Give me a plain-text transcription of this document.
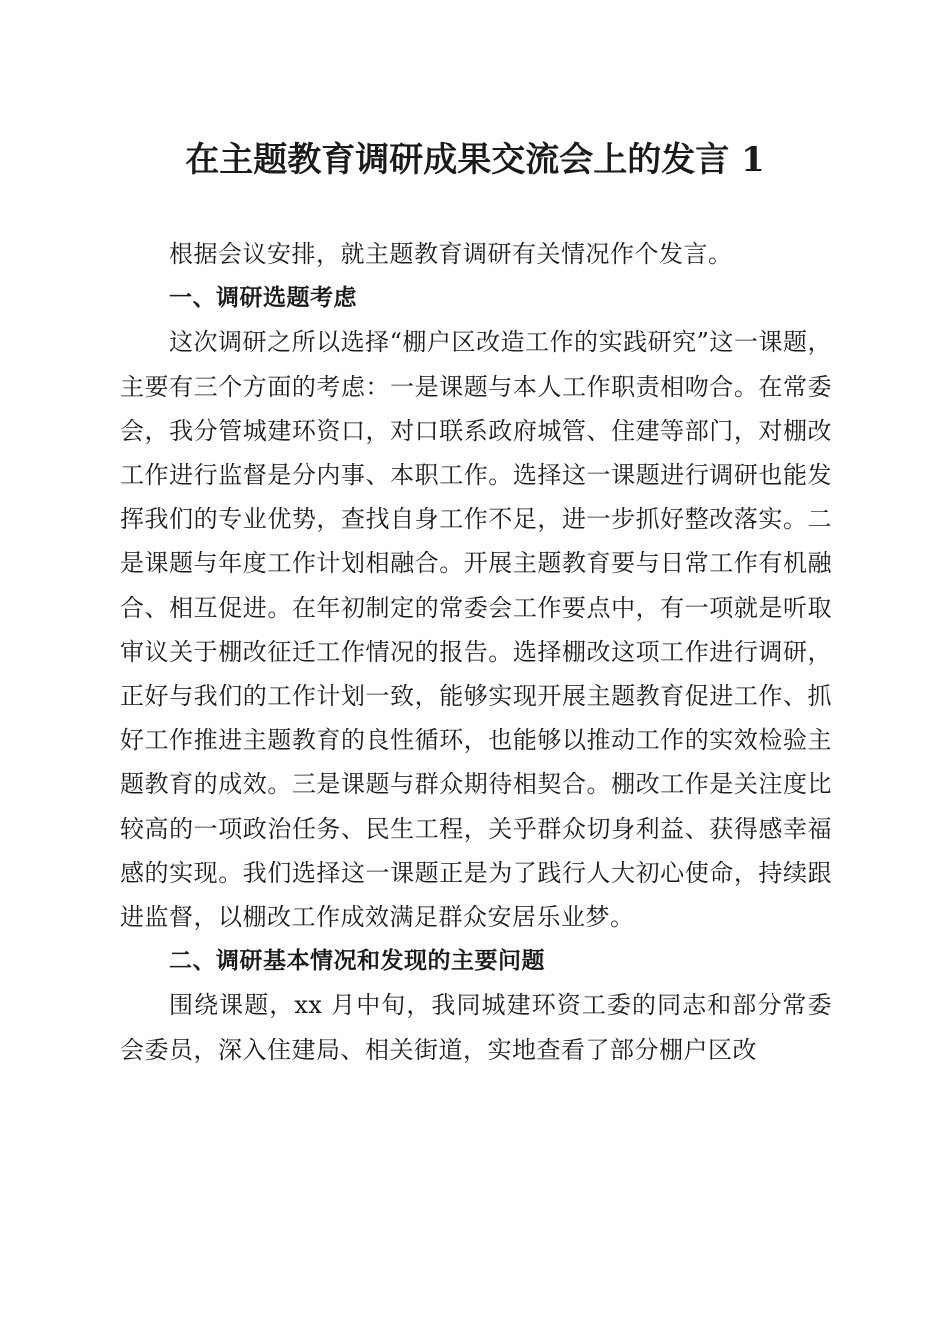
在主题教育调研成果交流会上的发言 1

根据会议安排，就主题教育调研有关情况作个发言。

一、调研选题考虑

这次调研之所以选择“棚户区改造工作的实践研究”这一课题，主要有三个方面的考虑：一是课题与本人工作职责相吻合。在常委会，我分管城建环资口，对口联系政府城管、住建等部门，对棚改工作进行监督是分内事、本职工作。选择这一课题进行调研也能发挥我们的专业优势，查找自身工作不足，进一步抓好整改落实。二是课题与年度工作计划相融合。开展主题教育要与日常工作有机融合、相互促进。在年初制定的常委会工作要点中，有一项就是听取审议关于棚改征迁工作情况的报告。选择棚改这项工作进行调研，正好与我们的工作计划一致，能够实现开展主题教育促进工作、抓好工作推进主题教育的良性循环，也能够以推动工作的实效检验主题教育的成效。三是课题与群众期待相契合。棚改工作是关注度比较高的一项政治任务、民生工程，关乎群众切身利益、获得感幸福感的实现。我们选择这一课题正是为了践行人大初心使命，持续跟进监督，以棚改工作成效满足群众安居乐业梦。

二、调研基本情况和发现的主要问题

围绕课题，xx 月中旬，我同城建环资工委的同志和部分常委会委员，深入住建局、相关街道，实地查看了部分棚户区改
